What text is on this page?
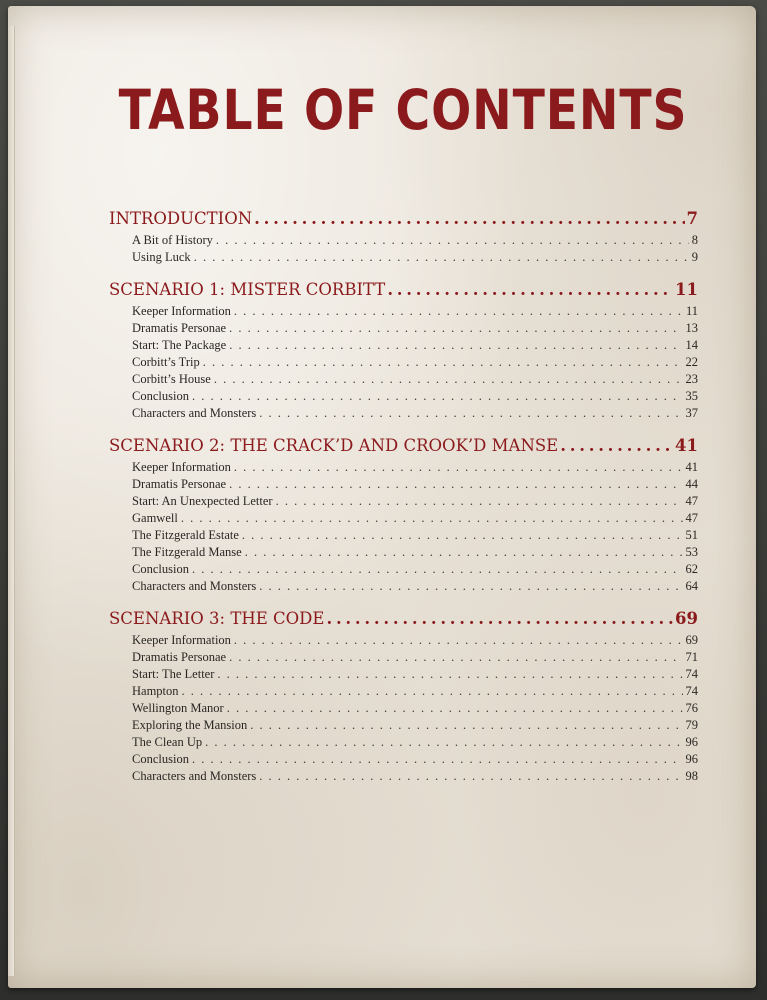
TABLE OF CONTENTS
INTRODUCTION . . .	7
A Bit of History . . .	8
Using Luck . . .	9
SCENARIO 1: MISTER CORBITT . . .	11
Keeper Information . . .	11
Dramatis Personae . . .	13
Start: The Package . . .	14
Corbitt’s Trip . . .	22
Corbitt’s House . . .	23
Conclusion . . .	35
Characters and Monsters . . .	37
SCENARIO 2: THE CRACK’D AND CROOK’D MANSE . . .	41
Keeper Information . . .	41
Dramatis Personae . . .	44
Start: An Unexpected Letter . . .	47
Gamwell . . .	47
The Fitzgerald Estate . . .	51
The Fitzgerald Manse . . .	53
Conclusion . . .	62
Characters and Monsters . . .	64
SCENARIO 3: THE CODE . . .	69
Keeper Information . . .	69
Dramatis Personae . . .	71
Start: The Letter . . .	74
Hampton . . .	74
Wellington Manor . . .	76
Exploring the Mansion . . .	79
The Clean Up . . .	96
Conclusion . . .	96
Characters and Monsters . . .	98
